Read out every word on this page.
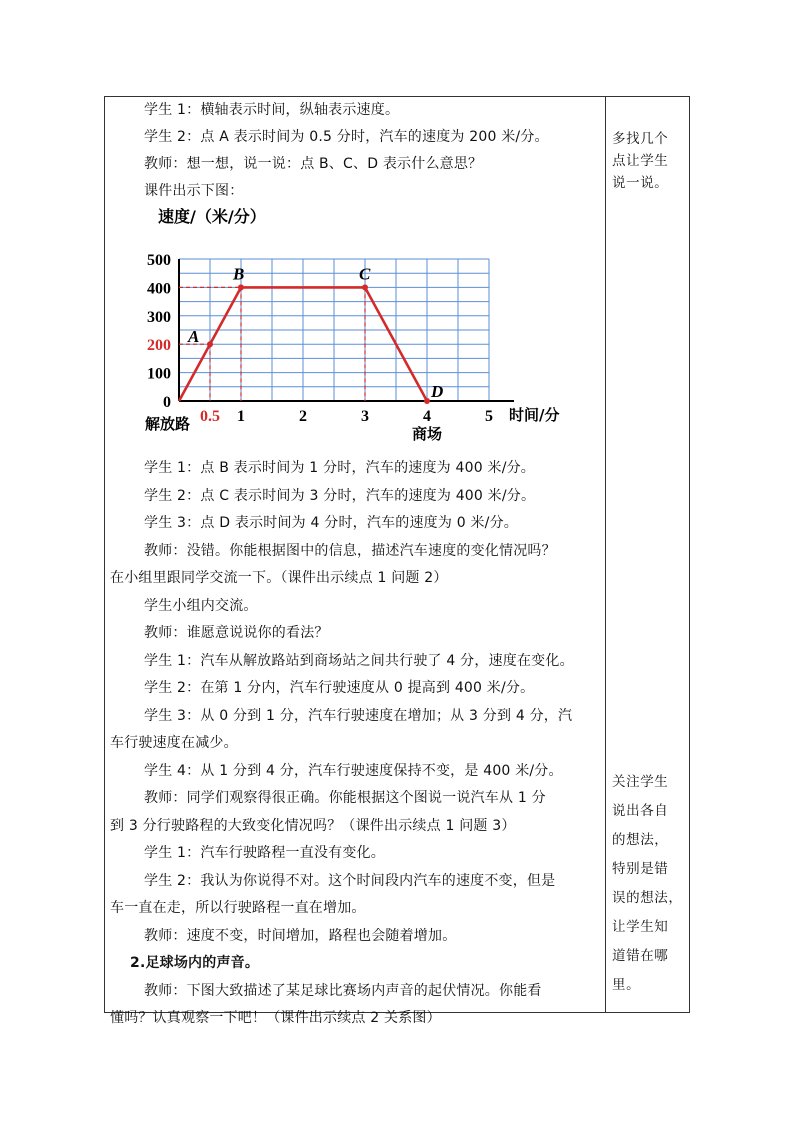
学生 1：横轴表示时间，纵轴表示速度。
学生 2：点 A 表示时间为 0.5 分时，汽车的速度为 200 米/分。
教师：想一想，说一说：点 B、C、D 表示什么意思？
课件出示下图：
速度/（米/分）
A
B	C
D
100
300
400
500
200
0
1	2	3	4	5
0.5	时间/分
解放路
商场
学生 1：点 B 表示时间为 1 分时，汽车的速度为 400 米/分。
学生 2：点 C 表示时间为 3 分时，汽车的速度为 400 米/分。
学生 3：点 D 表示时间为 4 分时，汽车的速度为 0 米/分。
教师：没错。你能根据图中的信息，描述汽车速度的变化情况吗？
在小组里跟同学交流一下。（课件出示续点 1 问题 2）
学生小组内交流。
教师：谁愿意说说你的看法？
学生 1：汽车从解放路站到商场站之间共行驶了 4 分，速度在变化。
学生 2：在第 1 分内，汽车行驶速度从 0 提高到 400 米/分。
学生 3：从 0 分到 1 分，汽车行驶速度在增加；从 3 分到 4 分，汽
车行驶速度在减少。
学生 4：从 1 分到 4 分，汽车行驶速度保持不变，是 400 米/分。
教师：同学们观察得很正确。你能根据这个图说一说汽车从 1 分
到 3 分行驶路程的大致变化情况吗？（课件出示续点 1 问题 3）
学生 1：汽车行驶路程一直没有变化。
学生 2：我认为你说得不对。这个时间段内汽车的速度不变，但是
车一直在走，所以行驶路程一直在增加。
教师：速度不变，时间增加，路程也会随着增加。
2.足球场内的声音。
教师：下图大致描述了某足球比赛场内声音的起伏情况。你能看
懂吗？认真观察一下吧！（课件出示续点 2 关系图）
多找几个
点让学生
说一说。
关注学生
说出各自
的想法，
特别是错
误的想法，
让学生知
道错在哪
里。
